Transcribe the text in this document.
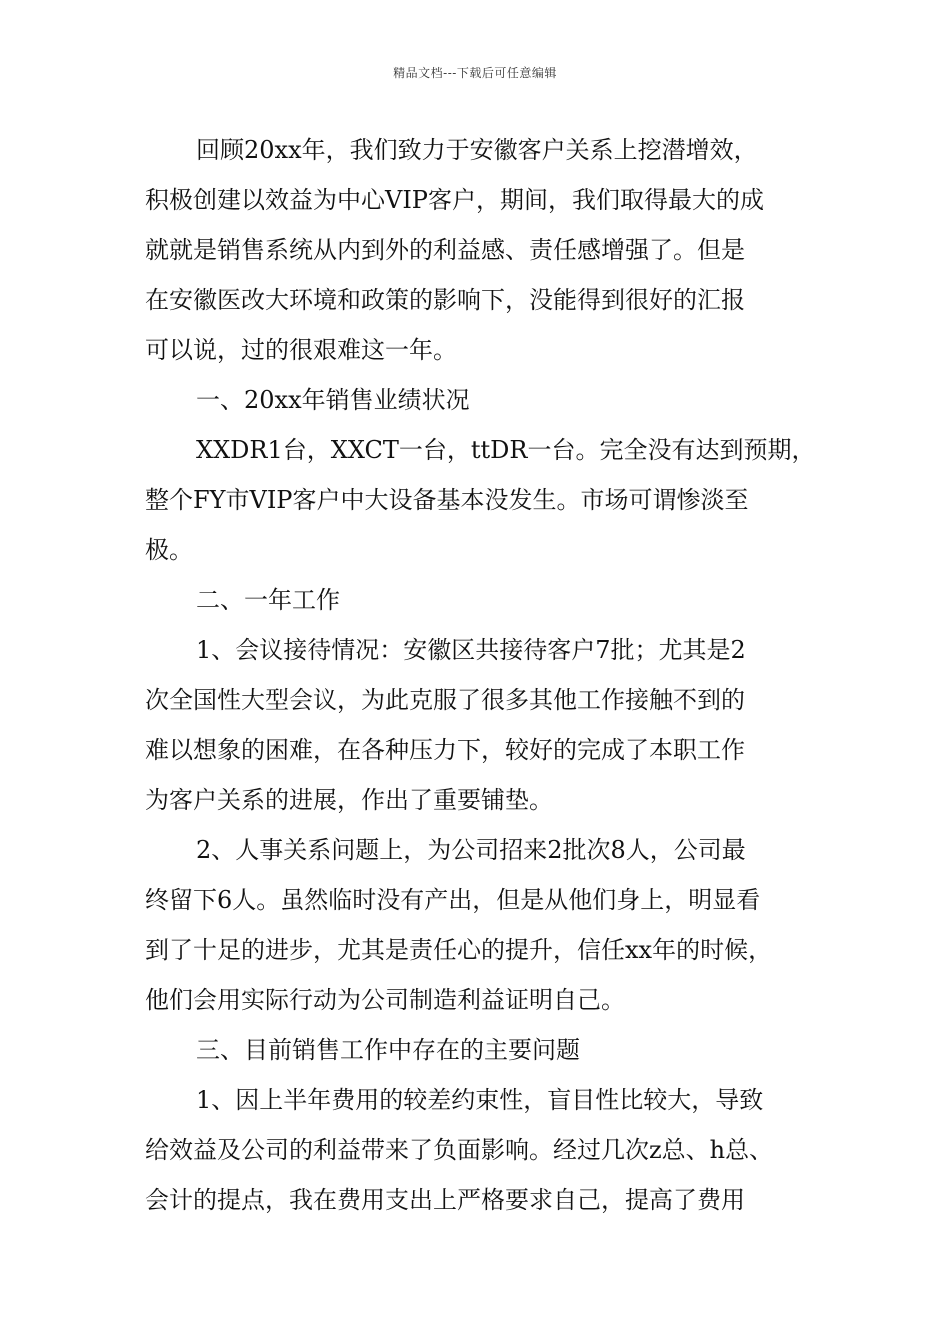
精品文档---下载后可任意编辑
回顾20xx年，我们致力于安徽客户关系上挖潜增效，
积极创建以效益为中心VIP客户，期间，我们取得最大的成
就就是销售系统从内到外的利益感、责任感增强了。但是
在安徽医改大环境和政策的影响下，没能得到很好的汇报
可以说，过的很艰难这一年。
一、20xx年销售业绩状况
XXDR1台，XXCT一台，ttDR一台。完全没有达到预期，
整个FY市VIP客户中大设备基本没发生。市场可谓惨淡至
极。
二、一年工作
1、会议接待情况：安徽区共接待客户7批；尤其是2
次全国性大型会议，为此克服了很多其他工作接触不到的
难以想象的困难，在各种压力下，较好的完成了本职工作
为客户关系的进展，作出了重要铺垫。
2、人事关系问题上，为公司招来2批次8人，公司最
终留下6人。虽然临时没有产出，但是从他们身上，明显看
到了十足的进步，尤其是责任心的提升，信任xx年的时候，
他们会用实际行动为公司制造利益证明自己。
三、目前销售工作中存在的主要问题
1、因上半年费用的较差约束性，盲目性比较大，导致
给效益及公司的利益带来了负面影响。经过几次z总、h总、
会计的提点，我在费用支出上严格要求自己，提高了费用
